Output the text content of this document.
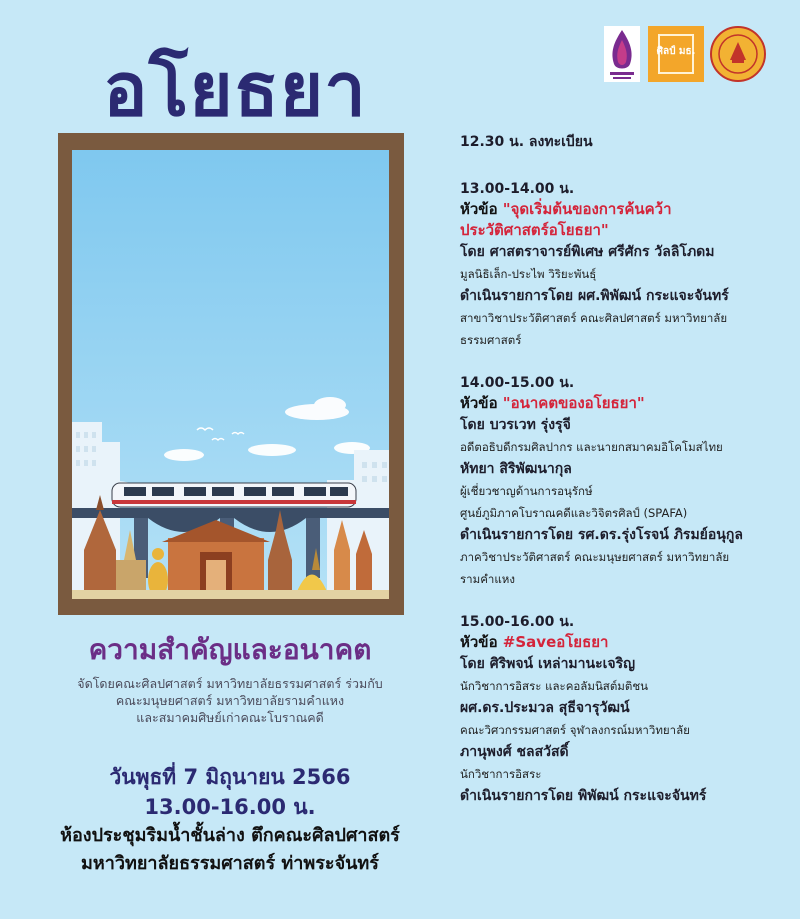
อโยธยา	ศิลป์ มธ.
ความสำคัญและอนาคต
จัดโดยคณะศิลปศาสตร์ มหาวิทยาลัยธรรมศาสตร์ ร่วมกับ
คณะมนุษยศาสตร์ มหาวิทยาลัยรามคำแหง
และสมาคมศิษย์เก่าคณะโบราณคดี
วันพุธที่ 7 มิถุนายน 2566
13.00-16.00 น.
ห้องประชุมริมน้ำชั้นล่าง ตึกคณะศิลปศาสตร์
มหาวิทยาลัยธรรมศาสตร์ ท่าพระจันทร์
12.30 น. ลงทะเบียน
13.00-14.00 น.
หัวข้อ "จุดเริ่มต้นของการค้นคว้า
ประวัติศาสตร์อโยธยา"
โดย ศาสตราจารย์พิเศษ ศรีศักร วัลลิโภดม
มูลนิธิเล็ก-ประไพ วิริยะพันธุ์
ดำเนินรายการโดย ผศ.พิพัฒน์ กระแจะจันทร์
สาขาวิชาประวัติศาสตร์ คณะศิลปศาสตร์ มหาวิทยาลัย
ธรรมศาสตร์
14.00-15.00 น.
หัวข้อ "อนาคตของอโยธยา"
โดย บวรเวท รุ่งรุจี
อดีตอธิบดีกรมศิลปากร และนายกสมาคมอิโคโมสไทย
หัทยา สิริพัฒนากุล
ผู้เชี่ยวชาญด้านการอนุรักษ์
ศูนย์ภูมิภาคโบราณคดีและวิจิตรศิลป์ (SPAFA)
ดำเนินรายการโดย รศ.ดร.รุ่งโรจน์ ภิรมย์อนุกูล
ภาควิชาประวัติศาสตร์ คณะมนุษยศาสตร์ มหาวิทยาลัย
รามคำแหง
15.00-16.00 น.
หัวข้อ #Saveอโยธยา
โดย ศิริพจน์ เหล่ามานะเจริญ
นักวิชาการอิสระ และคอลัมนิสต์มติชน
ผศ.ดร.ประมวล สุธีจารุวัฒน์
คณะวิศวกรรมศาสตร์ จุฬาลงกรณ์มหาวิทยาลัย
ภานุพงศ์ ชลสวัสดิ์
นักวิชาการอิสระ
ดำเนินรายการโดย พิพัฒน์ กระแจะจันทร์
